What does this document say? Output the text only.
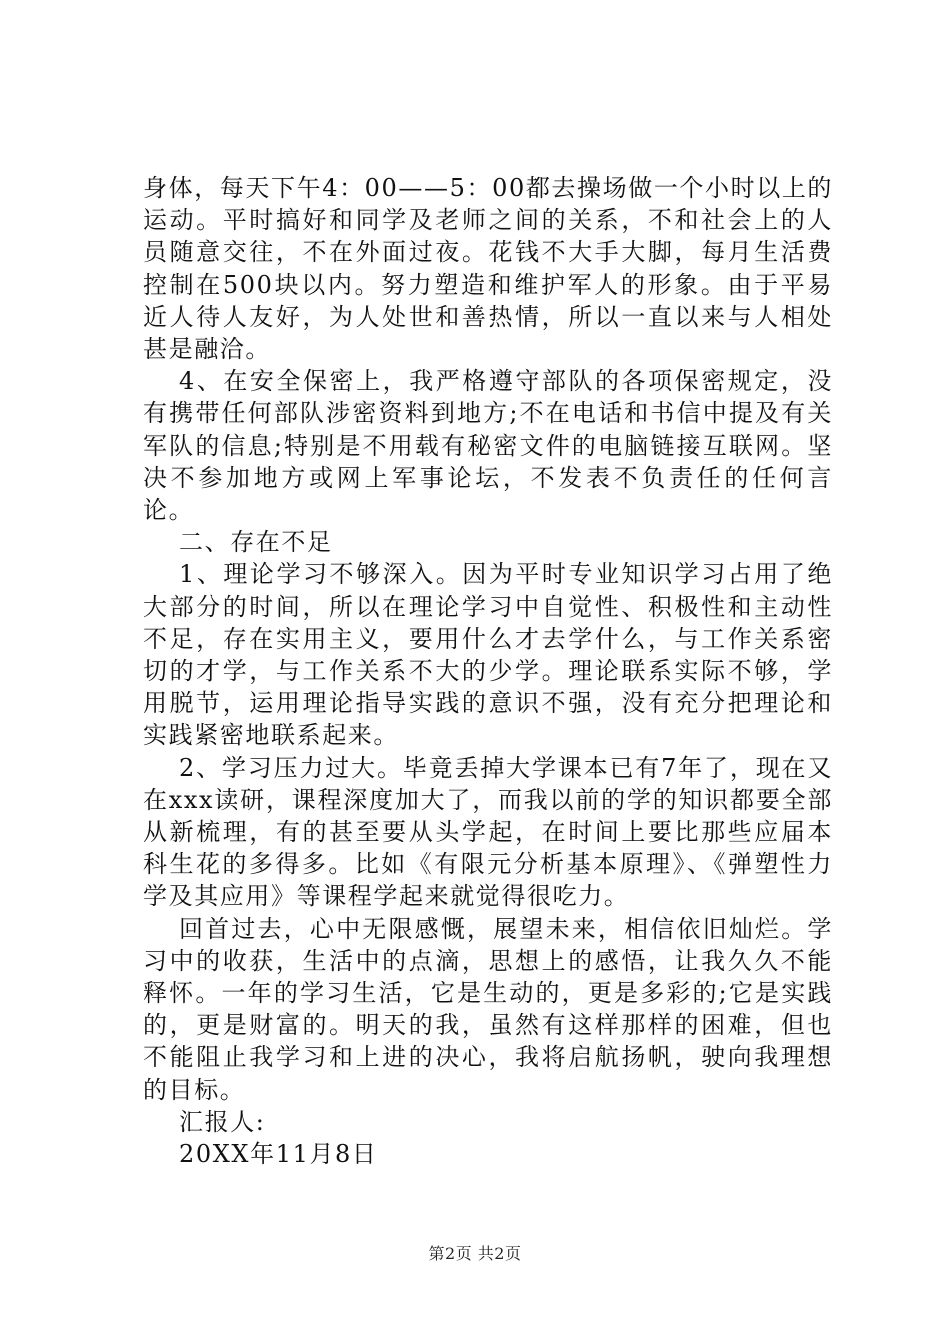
身体，每天下午4：00——5：00都去操场做一个小时以上的运动。平时搞好和同学及老师之间的关系，不和社会上的人员随意交往，不在外面过夜。花钱不大手大脚，每月生活费控制在500块以内。努力塑造和维护军人的形象。由于平易近人待人友好，为人处世和善热情，所以一直以来与人相处甚是融洽。

4、在安全保密上，我严格遵守部队的各项保密规定，没有携带任何部队涉密资料到地方;不在电话和书信中提及有关军队的信息;特别是不用载有秘密文件的电脑链接互联网。坚决不参加地方或网上军事论坛，不发表不负责任的任何言论。

二、存在不足

1、理论学习不够深入。因为平时专业知识学习占用了绝大部分的时间，所以在理论学习中自觉性、积极性和主动性不足，存在实用主义，要用什么才去学什么，与工作关系密切的才学，与工作关系不大的少学。理论联系实际不够，学用脱节，运用理论指导实践的意识不强，没有充分把理论和实践紧密地联系起来。

2、学习压力过大。毕竟丢掉大学课本已有7年了，现在又在xxx读研，课程深度加大了，而我以前的学的知识都要全部从新梳理，有的甚至要从头学起，在时间上要比那些应届本科生花的多得多。比如《有限元分析基本原理》、《弹塑性力学及其应用》等课程学起来就觉得很吃力。

回首过去，心中无限感慨，展望未来，相信依旧灿烂。学习中的收获，生活中的点滴，思想上的感悟，让我久久不能释怀。一年的学习生活，它是生动的，更是多彩的;它是实践的，更是财富的。明天的我，虽然有这样那样的困难，但也不能阻止我学习和上进的决心，我将启航扬帆，驶向我理想的目标。

汇报人:

20XX年11月8日

第2页 共2页
